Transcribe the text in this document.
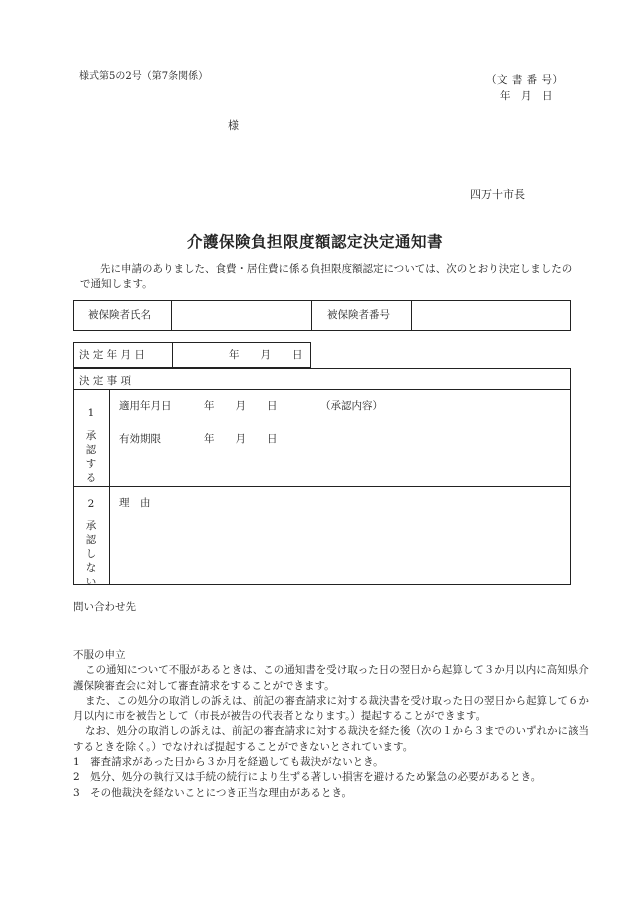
様式第5の2号（第7条関係）	（文 書 番 号）
年　月　日
様
四万十市長
介護保険負担限度額認定決定通知書
先に申請のありました、食費・居住費に係る負担限度額認定については、次のとおり決定しましたので通知します。
被保険者氏名	被保険者番号
決 定 年 月 日	年　　月　　日
決 定 事 項
1
承
認
す
る
適用年月日	年　　月　　日	（承認内容）
有効期限	年　　月　　日
2
承
認
し
な
い
理　由
問い合わせ先

不服の申立

この通知について不服があるときは、この通知書を受け取った日の翌日から起算して３か月以内に高知県介護保険審査会に対して審査請求をすることができます。

また、この処分の取消しの訴えは、前記の審査請求に対する裁決書を受け取った日の翌日から起算して６か月以内に市を被告として（市長が被告の代表者となります。）提起することができます。

なお、処分の取消しの訴えは、前記の審査請求に対する裁決を経た後（次の１から３までのいずれかに該当するときを除く。）でなければ提起することができないとされています。

1　審査請求があった日から３か月を経過しても裁決がないとき。

2　処分、処分の執行又は手続の続行により生ずる著しい損害を避けるため緊急の必要があるとき。

3　その他裁決を経ないことにつき正当な理由があるとき。
